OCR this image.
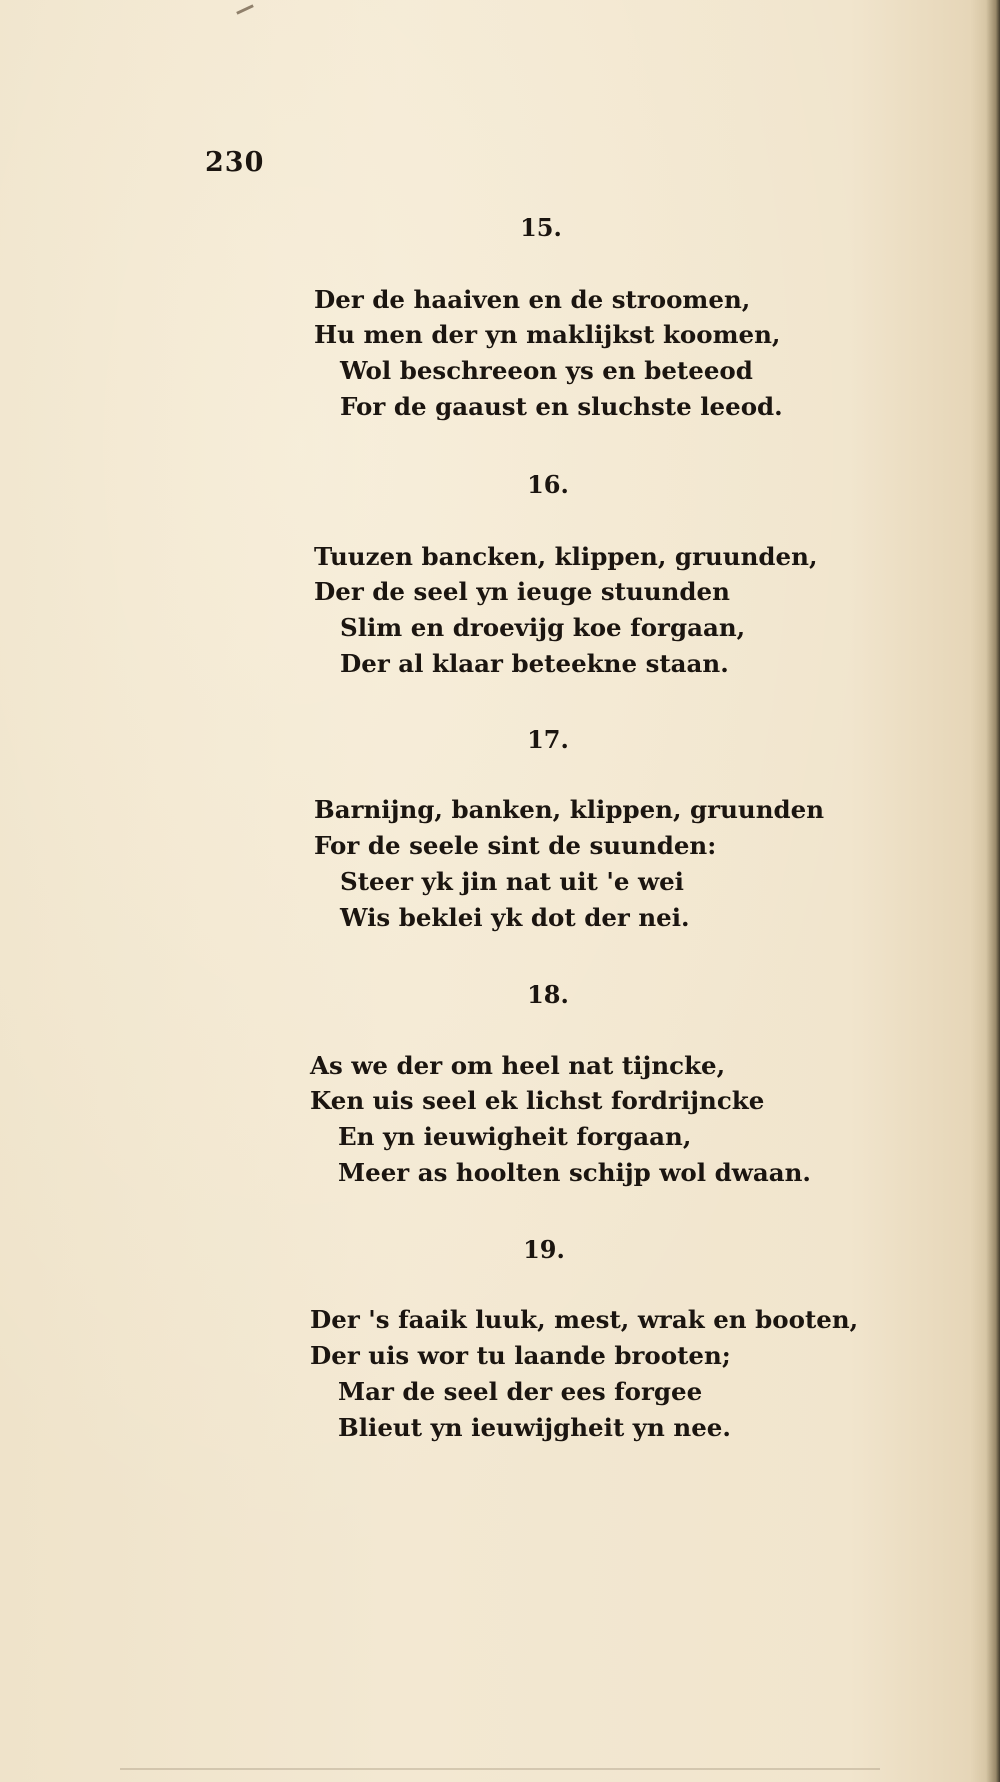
230
15.
Der de haaiven en de stroomen,
Hu men der yn maklijkst koomen,
Wol beschreeon ys en beteeod
For de gaaust en sluchste leeod.
16.
Tuuzen bancken, klippen, gruunden,
Der de seel yn ieuge stuunden
Slim en droevijg koe forgaan,
Der al klaar beteekne staan.
17.
Barnijng, banken, klippen, gruunden
For de seele sint de suunden:
Steer yk jin nat uit 'e wei
Wis beklei yk dot der nei.
18.
As we der om heel nat tijncke,
Ken uis seel ek lichst fordrijncke
En yn ieuwigheit forgaan,
Meer as hoolten schijp wol dwaan.
19.
Der 's faaik luuk, mest, wrak en booten,
Der uis wor tu laande brooten;
Mar de seel der ees forgee
Blieut yn ieuwijgheit yn nee.
